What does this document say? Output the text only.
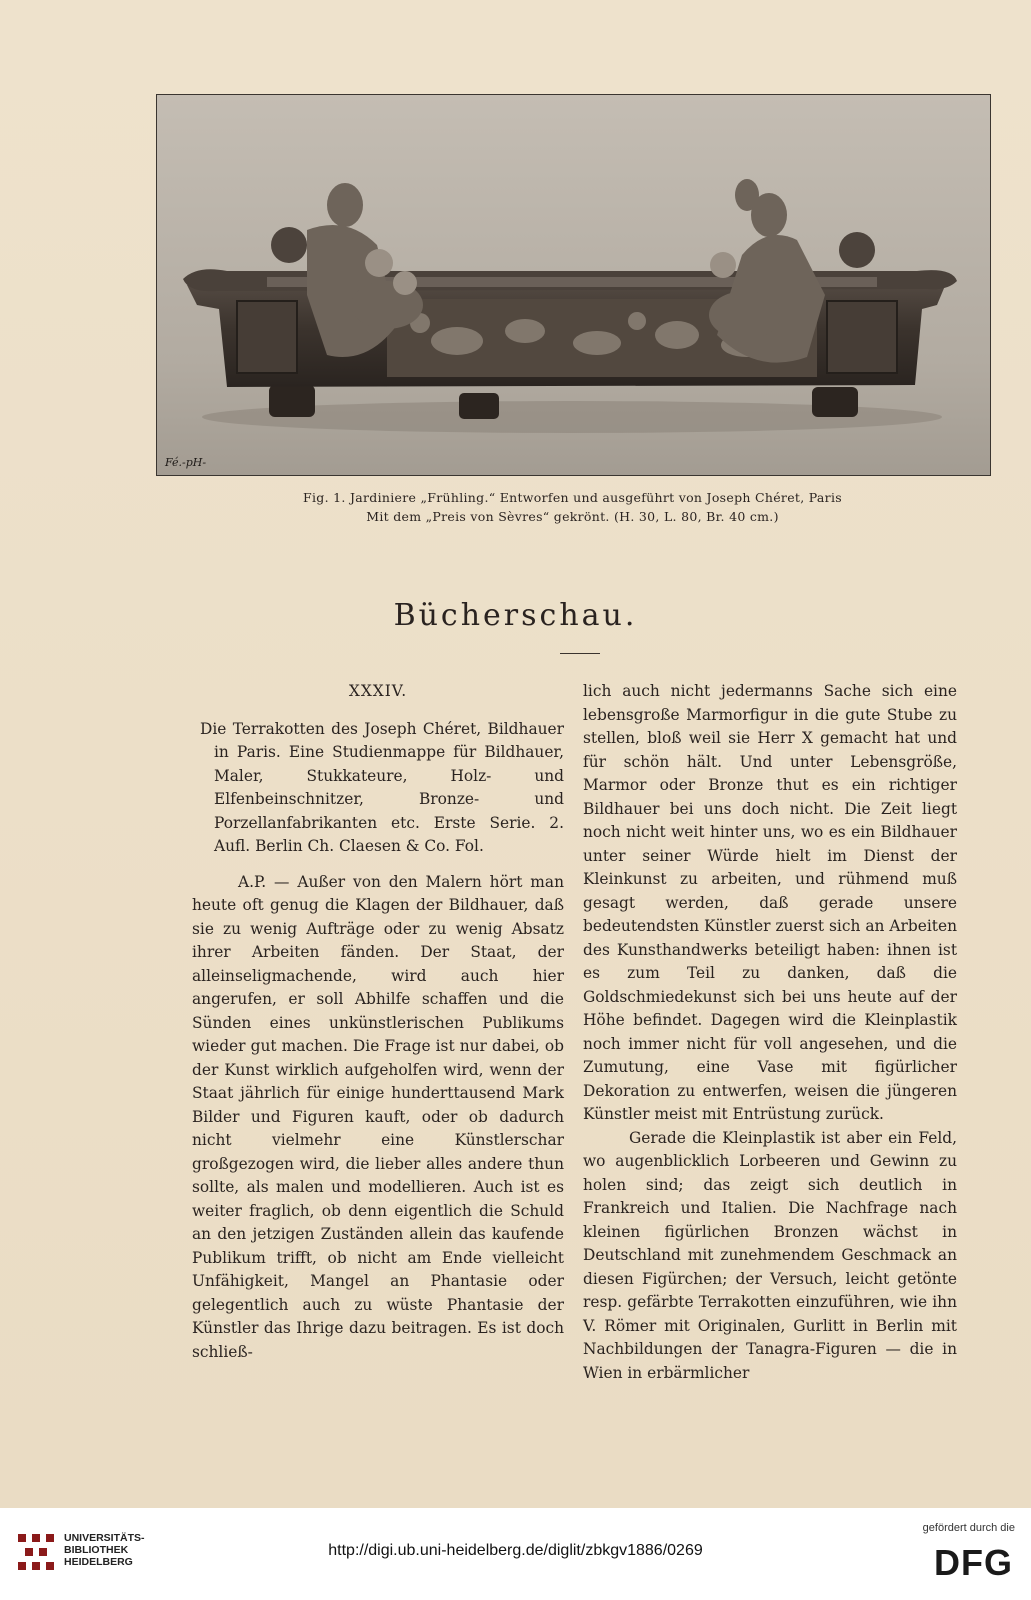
Fé.-pH-
Fig. 1. Jardiniere „Frühling.“ Entworfen und ausgeführt von Joseph Chéret, Paris
Mit dem „Preis von Sèvres“ gekrönt. (H. 30, L. 80, Br. 40 cm.)
Bücherschau.

XXXIV.

Die Terrakotten des Joseph Chéret, Bildhauer in Paris. Eine Studienmappe für Bildhauer, Maler, Stukkateure, Holz- und Elfenbeinschnitzer, Bronze- und Porzellanfabrikanten etc. Erste Serie. 2. Aufl. Berlin Ch. Claesen & Co. Fol.

A.P. — Außer von den Malern hört man heute oft genug die Klagen der Bildhauer, daß sie zu wenig Aufträge oder zu wenig Absatz ihrer Arbeiten fänden. Der Staat, der alleinseligmachende, wird auch hier angerufen, er soll Abhilfe schaffen und die Sünden eines unkünstlerischen Publikums wieder gut machen. Die Frage ist nur dabei, ob der Kunst wirklich aufgeholfen wird, wenn der Staat jährlich für einige hunderttausend Mark Bilder und Figuren kauft, oder ob dadurch nicht vielmehr eine Künstlerschar großgezogen wird, die lieber alles andere thun sollte, als malen und modellieren. Auch ist es weiter fraglich, ob denn eigentlich die Schuld an den jetzigen Zuständen allein das kaufende Publikum trifft, ob nicht am Ende vielleicht Unfähigkeit, Mangel an Phantasie oder gelegentlich auch zu wüste Phantasie der Künstler das Ihrige dazu beitragen. Es ist doch schließ-

lich auch nicht jedermanns Sache sich eine lebensgroße Marmorfigur in die gute Stube zu stellen, bloß weil sie Herr X gemacht hat und für schön hält. Und unter Lebensgröße, Marmor oder Bronze thut es ein richtiger Bildhauer bei uns doch nicht. Die Zeit liegt noch nicht weit hinter uns, wo es ein Bildhauer unter seiner Würde hielt im Dienst der Kleinkunst zu arbeiten, und rühmend muß gesagt werden, daß gerade unsere bedeutendsten Künstler zuerst sich an Arbeiten des Kunsthandwerks beteiligt haben: ihnen ist es zum Teil zu danken, daß die Goldschmiedekunst sich bei uns heute auf der Höhe befindet. Dagegen wird die Kleinplastik noch immer nicht für voll angesehen, und die Zumutung, eine Vase mit figürlicher Dekoration zu entwerfen, weisen die jüngeren Künstler meist mit Entrüstung zurück.

Gerade die Kleinplastik ist aber ein Feld, wo augenblicklich Lorbeeren und Gewinn zu holen sind; das zeigt sich deutlich in Frankreich und Italien. Die Nachfrage nach kleinen figürlichen Bronzen wächst in Deutschland mit zunehmendem Geschmack an diesen Figürchen; der Versuch, leicht getönte resp. gefärbte Terrakotten einzuführen, wie ihn V. Römer mit Originalen, Gurlitt in Berlin mit Nachbildungen der Tanagra-Figuren — die in Wien in erbärmlicher

UNIVERSITÄTS-
BIBLIOTHEK
HEIDELBERG
http://digi.ub.uni-heidelberg.de/diglit/zbkgv1886/0269
gefördert durch die
DFG
